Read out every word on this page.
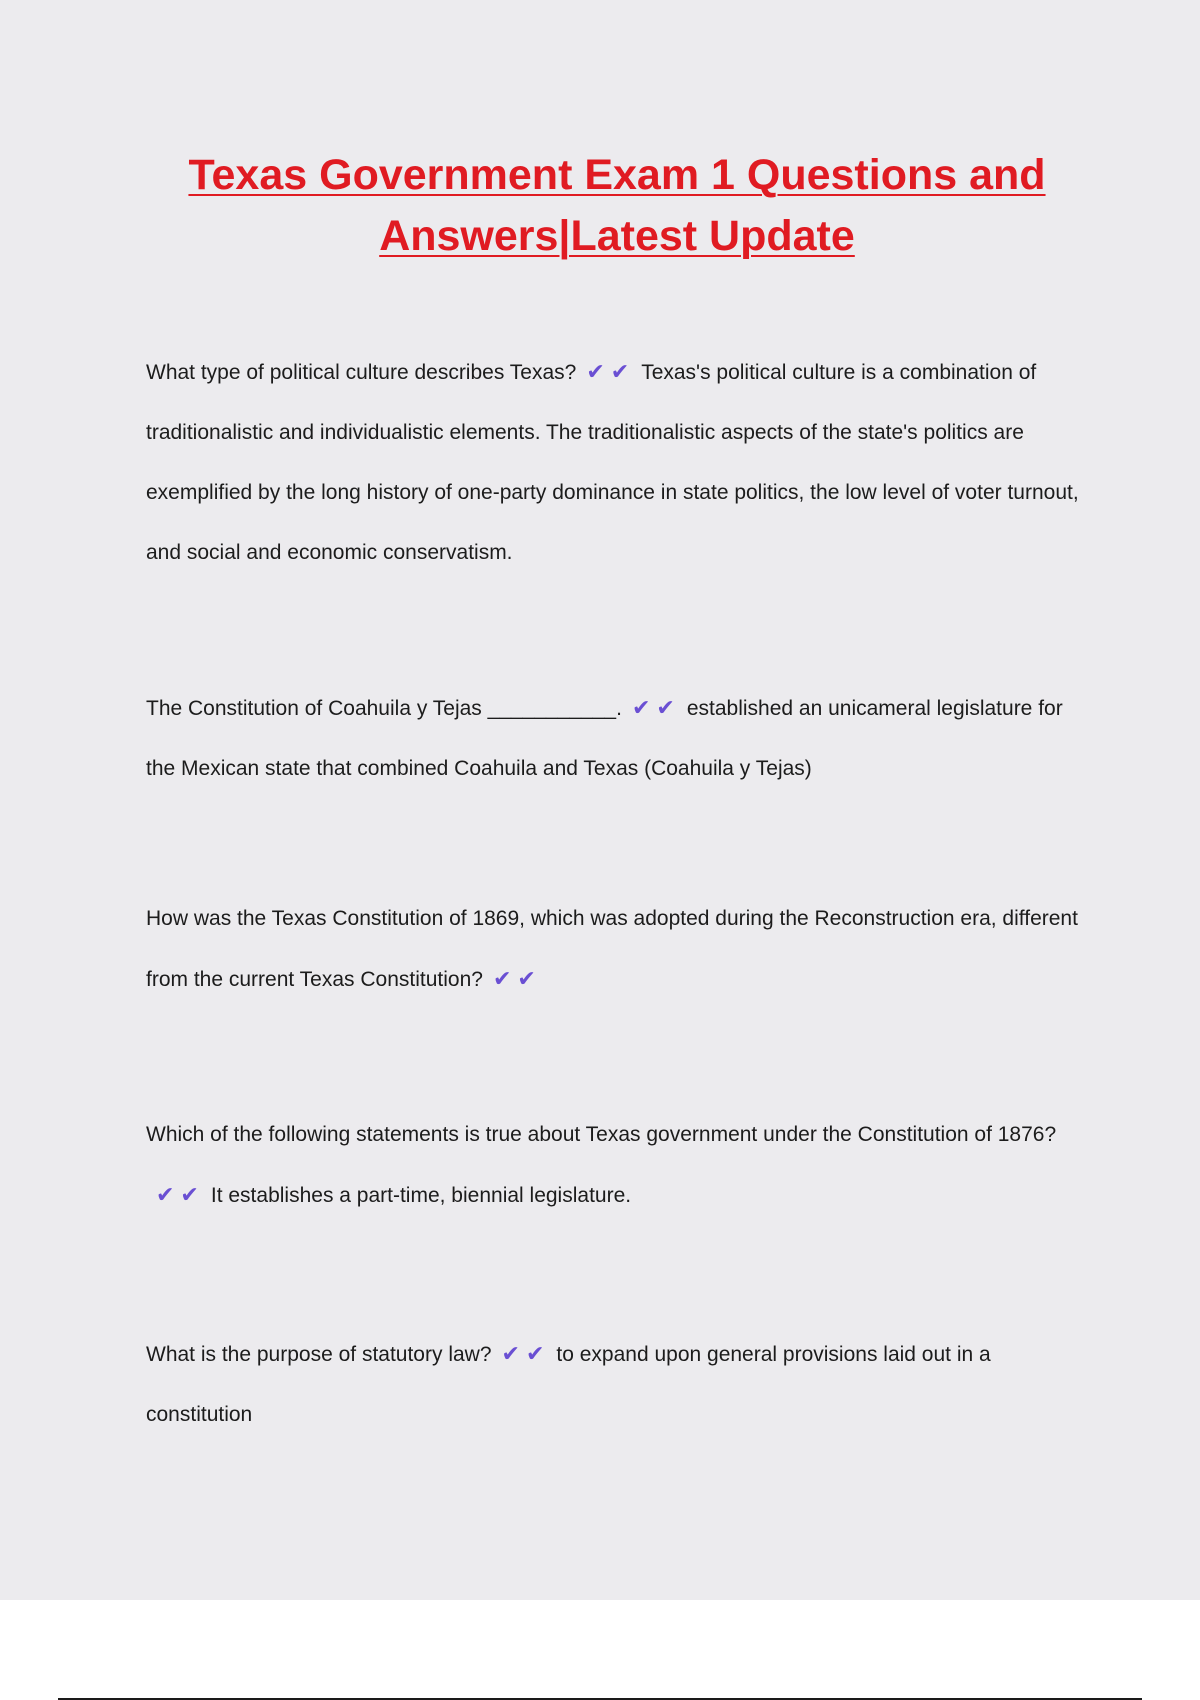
Texas Government Exam 1 Questions and
Answers|Latest Update

What type of political culture describes Texas? ✔✔ Texas's political culture is a combination of traditionalistic and individualistic elements. The traditionalistic aspects of the state's politics are exemplified by the long history of one-party dominance in state politics, the low level of voter turnout, and social and economic conservatism.

The Constitution of Coahuila y Tejas ___________. ✔✔ established an unicameral legislature for the Mexican state that combined Coahuila and Texas (Coahuila y Tejas)

How was the Texas Constitution of 1869, which was adopted during the Reconstruction era, different from the current Texas Constitution? ✔✔

Which of the following statements is true about Texas government under the Constitution of 1876?✔✔ It establishes a part-time, biennial legislature.

What is the purpose of statutory law? ✔✔ to expand upon general provisions laid out in a constitution
